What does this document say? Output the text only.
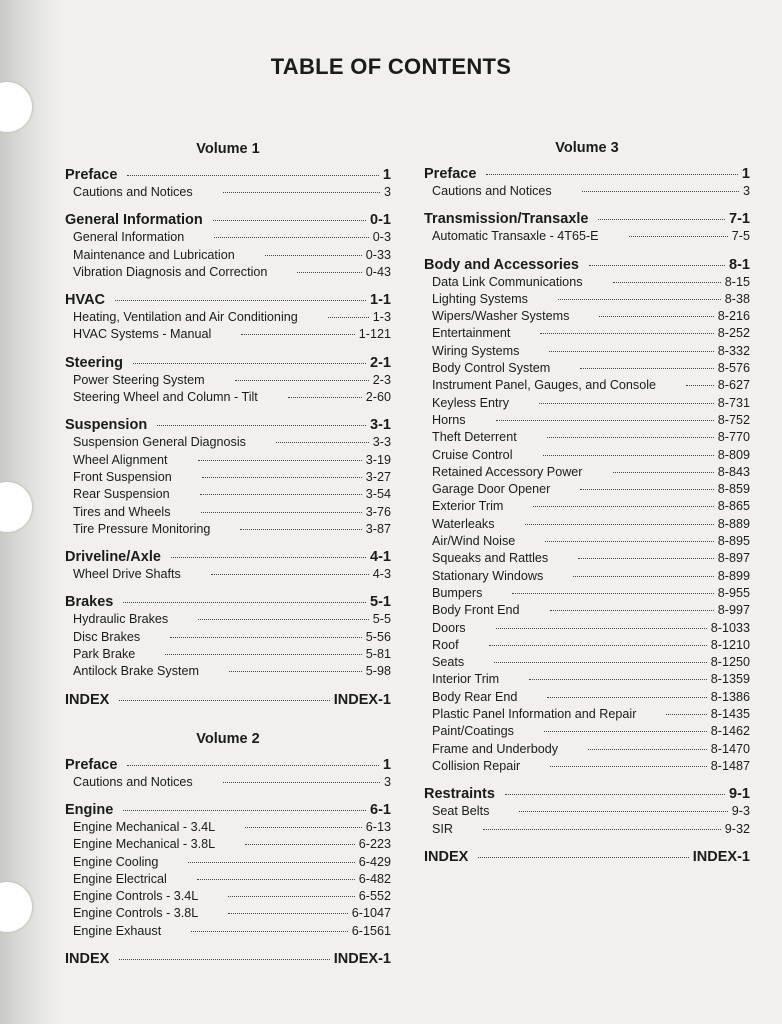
TABLE OF CONTENTS
Volume 1
Preface	1
Cautions and Notices	3
General Information	0-1
General Information	0-3
Maintenance and Lubrication	0-33
Vibration Diagnosis and Correction	0-43
HVAC	1-1
Heating, Ventilation and Air Conditioning	1-3
HVAC Systems - Manual	1-121
Steering	2-1
Power Steering System	2-3
Steering Wheel and Column - Tilt	2-60
Suspension	3-1
Suspension General Diagnosis	3-3
Wheel Alignment	3-19
Front Suspension	3-27
Rear Suspension	3-54
Tires and Wheels	3-76
Tire Pressure Monitoring	3-87
Driveline/Axle	4-1
Wheel Drive Shafts	4-3
Brakes	5-1
Hydraulic Brakes	5-5
Disc Brakes	5-56
Park Brake	5-81
Antilock Brake System	5-98
INDEX	INDEX-1
Volume 2
Preface	1
Cautions and Notices	3
Engine	6-1
Engine Mechanical - 3.4L	6-13
Engine Mechanical - 3.8L	6-223
Engine Cooling	6-429
Engine Electrical	6-482
Engine Controls - 3.4L	6-552
Engine Controls - 3.8L	6-1047
Engine Exhaust	6-1561
INDEX	INDEX-1
Volume 3
Preface	1
Cautions and Notices	3
Transmission/Transaxle	7-1
Automatic Transaxle - 4T65-E	7-5
Body and Accessories	8-1
Data Link Communications	8-15
Lighting Systems	8-38
Wipers/Washer Systems	8-216
Entertainment	8-252
Wiring Systems	8-332
Body Control System	8-576
Instrument Panel, Gauges, and Console	8-627
Keyless Entry	8-731
Horns	8-752
Theft Deterrent	8-770
Cruise Control	8-809
Retained Accessory Power	8-843
Garage Door Opener	8-859
Exterior Trim	8-865
Waterleaks	8-889
Air/Wind Noise	8-895
Squeaks and Rattles	8-897
Stationary Windows	8-899
Bumpers	8-955
Body Front End	8-997
Doors	8-1033
Roof	8-1210
Seats	8-1250
Interior Trim	8-1359
Body Rear End	8-1386
Plastic Panel Information and Repair	8-1435
Paint/Coatings	8-1462
Frame and Underbody	8-1470
Collision Repair	8-1487
Restraints	9-1
Seat Belts	9-3
SIR	9-32
INDEX	INDEX-1
